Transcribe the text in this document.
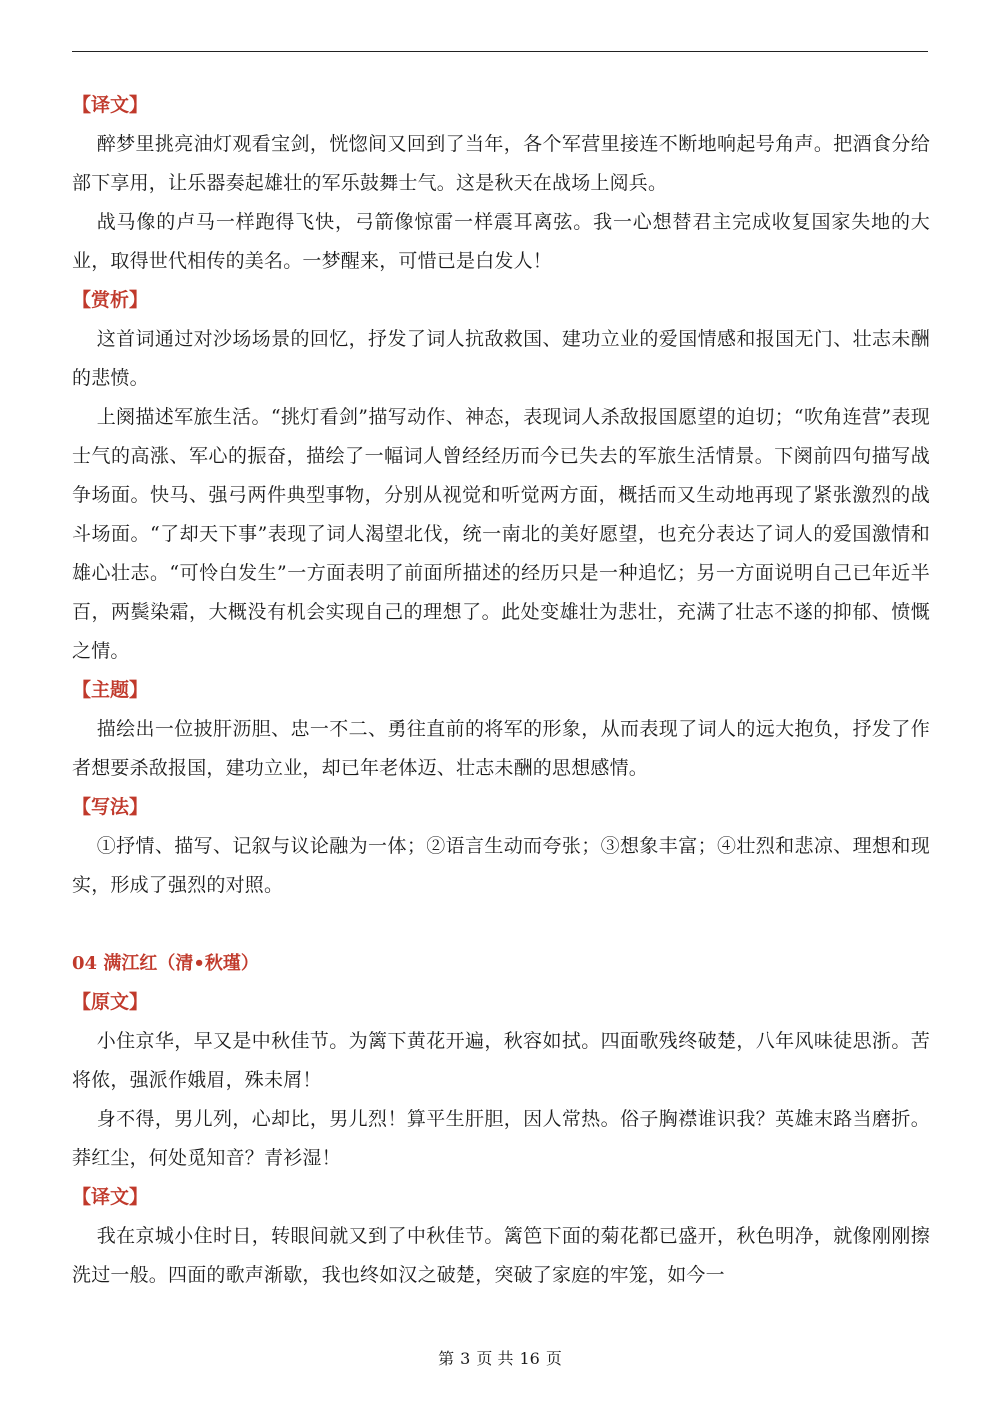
【译文】
醉梦里挑亮油灯观看宝剑，恍惚间又回到了当年，各个军营里接连不断地响起号角声。把酒食分给部下享用，让乐器奏起雄壮的军乐鼓舞士气。这是秋天在战场上阅兵。
战马像的卢马一样跑得飞快，弓箭像惊雷一样震耳离弦。我一心想替君主完成收复国家失地的大业，取得世代相传的美名。一梦醒来，可惜已是白发人！
【赏析】
这首词通过对沙场场景的回忆，抒发了词人抗敌救国、建功立业的爱国情感和报国无门、壮志未酬的悲愤。
上阕描述军旅生活。“挑灯看剑”描写动作、神态，表现词人杀敌报国愿望的迫切；“吹角连营”表现士气的高涨、军心的振奋，描绘了一幅词人曾经经历而今已失去的军旅生活情景。下阕前四句描写战争场面。快马、强弓两件典型事物，分别从视觉和听觉两方面，概括而又生动地再现了紧张激烈的战斗场面。“了却天下事”表现了词人渴望北伐，统一南北的美好愿望，也充分表达了词人的爱国激情和雄心壮志。“可怜白发生”一方面表明了前面所描述的经历只是一种追忆；另一方面说明自己已年近半百，两鬓染霜，大概没有机会实现自己的理想了。此处变雄壮为悲壮，充满了壮志不遂的抑郁、愤慨之情。
【主题】
描绘出一位披肝沥胆、忠一不二、勇往直前的将军的形象，从而表现了词人的远大抱负，抒发了作者想要杀敌报国，建功立业，却已年老体迈、壮志未酬的思想感情。
【写法】
①抒情、描写、记叙与议论融为一体；②语言生动而夸张；③想象丰富；④壮烈和悲凉、理想和现实，形成了强烈的对照。
04 满江红（清•秋瑾）
【原文】
小住京华，早又是中秋佳节。为篱下黄花开遍，秋容如拭。四面歌残终破楚，八年风味徒思浙。苦将侬，强派作娥眉，殊未屑！
身不得，男儿列，心却比，男儿烈！算平生肝胆，因人常热。俗子胸襟谁识我？英雄末路当磨折。莽红尘，何处觅知音？青衫湿！
【译文】
我在京城小住时日，转眼间就又到了中秋佳节。篱笆下面的菊花都已盛开，秋色明净，就像刚刚擦洗过一般。四面的歌声渐歇，我也终如汉之破楚，突破了家庭的牢笼，如今一
第 3 页 共 16 页
